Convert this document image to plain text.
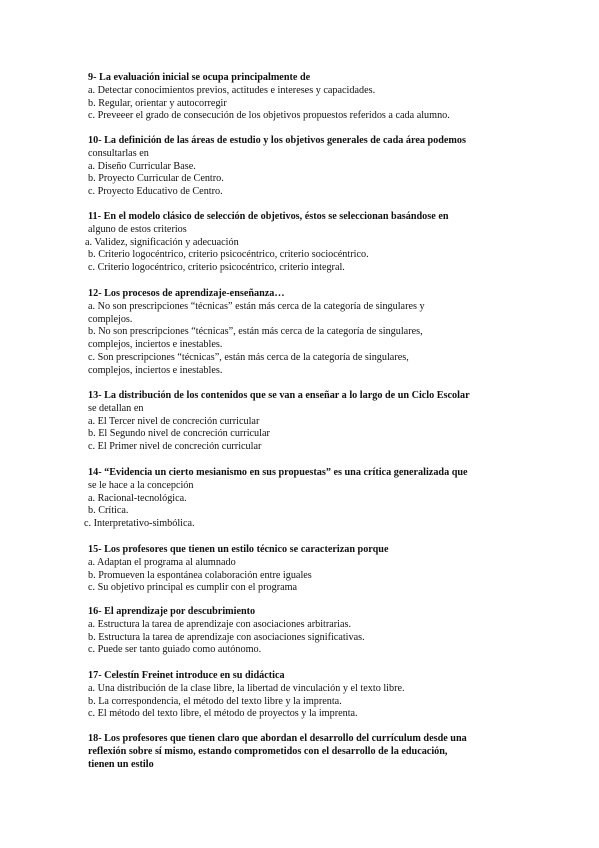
9- La evaluación inicial se ocupa principalmente de
a. Detectar conocimientos previos, actitudes e intereses y capacidades.
b. Regular, orientar y autocorregir
c. Preveeer el grado de consecución de los objetivos propuestos referidos a cada alumno.
10- La definición de las áreas de estudio y los objetivos generales de cada área podemos
consultarlas en
a. Diseño Curricular Base.
b. Proyecto Curricular de Centro.
c. Proyecto Educativo de Centro.
11- En el modelo clásico de selección de objetivos, éstos se seleccionan basándose en
alguno de estos criterios
a. Validez, significación y adecuación
b. Criterio logocéntrico, criterio psicocéntrico, criterio sociocéntrico.
c. Criterio logocéntrico, criterio psicocéntrico, criterio integral.
12- Los procesos de aprendizaje-enseñanza…
a. No son prescripciones “técnicas” están más cerca de la categoría de singulares y
complejos.
b. No son prescripciones “técnicas”, están más cerca de la categoría de singulares,
complejos, inciertos e inestables.
c. Son prescripciones “técnicas”, están más cerca de la categoría de singulares,
complejos, inciertos e inestables.
13- La distribución de los contenidos que se van a enseñar a lo largo de un Ciclo Escolar
se detallan en
a. El Tercer nivel de concreción curricular
b. El Segundo nivel de concreción curricular
c. El Primer nivel de concreción curricular
14- “Evidencia un cierto mesianismo en sus propuestas” es una crítica generalizada que
se le hace a la concepción
a. Racional-tecnológica.
b. Crítica.
c. Interpretativo-simbólica.
15- Los profesores que tienen un estilo técnico se caracterizan porque
a. Adaptan el programa al alumnado
b. Promueven la espontánea colaboración entre iguales
c. Su objetivo principal es cumplir con el programa
16- El aprendizaje por descubrimiento
a. Estructura la tarea de aprendizaje con asociaciones arbitrarias.
b. Estructura la tarea de aprendizaje con asociaciones significativas.
c. Puede ser tanto guiado como autónomo.
17- Celestín Freinet introduce en su didáctica
a. Una distribución de la clase libre, la libertad de vinculación y el texto libre.
b. La correspondencia, el método del texto libre y la imprenta.
c. El método del texto libre, el método de proyectos y la imprenta.
18- Los profesores que tienen claro que abordan el desarrollo del currículum desde una
reflexión sobre sí mismo, estando comprometidos con el desarrollo de la educación,
tienen un estilo
